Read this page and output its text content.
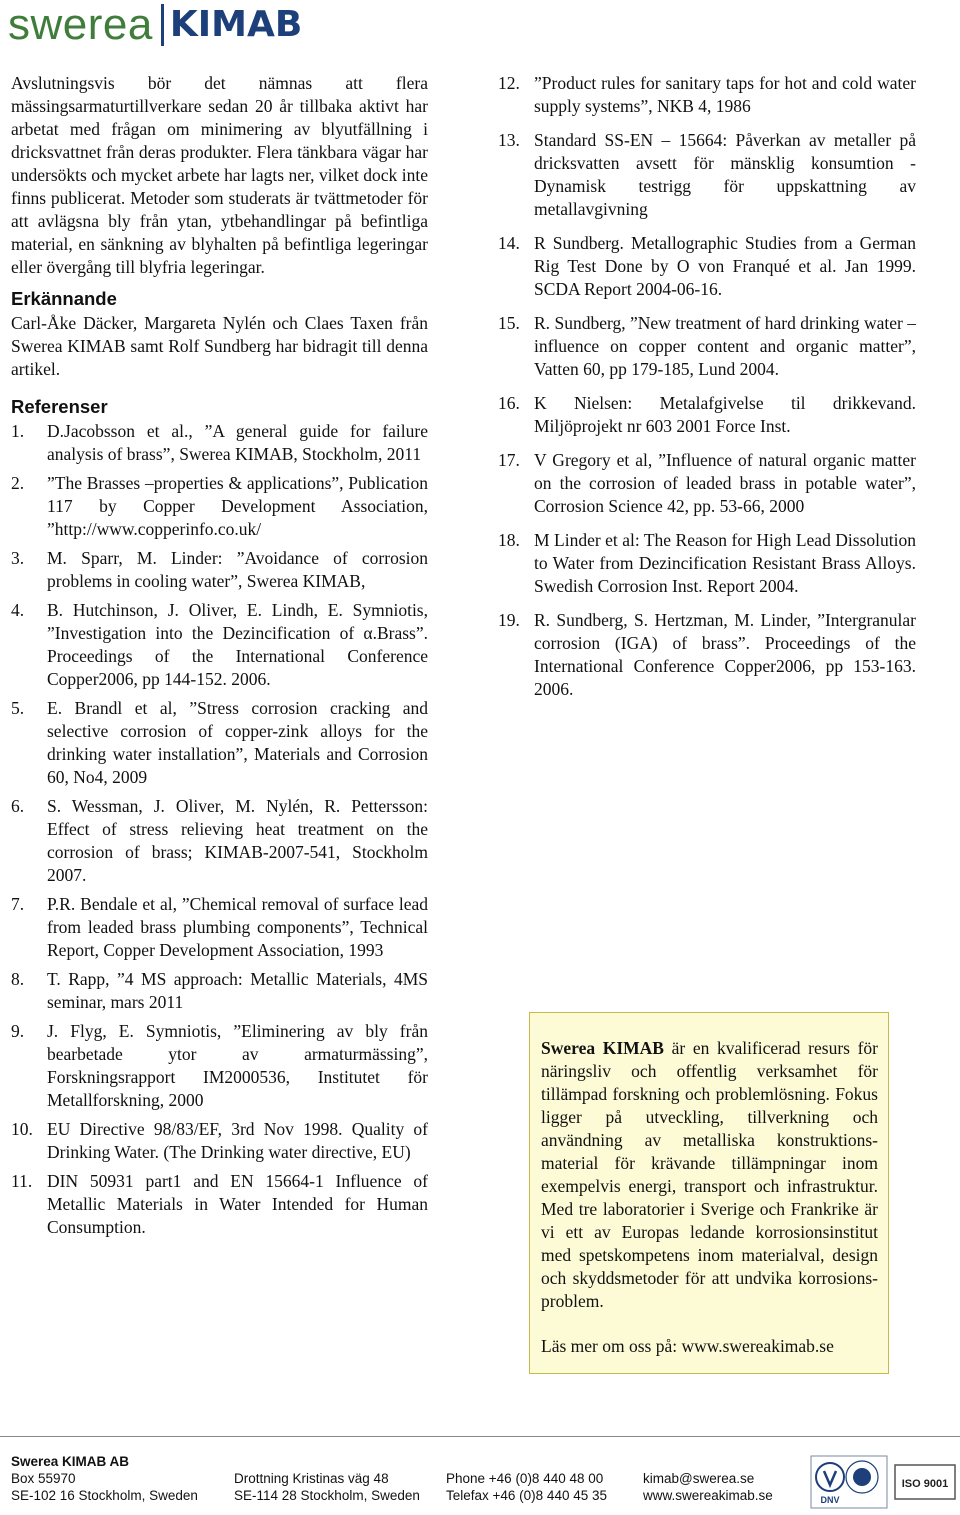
swerea KIMAB

Avslutningsvis bör det nämnas att flera mässingsarmaturtillverkare sedan 20 år tillbaka aktivt har arbetat med frågan om minimering av blyutfällning i dricksvattnet från deras produkter. Flera tänkbara vägar har undersökts och mycket arbete har lagts ner, vilket dock inte finns publicerat. Metoder som studerats är tvättmetoder för att avlägsna bly från ytan, ytbehandlingar på befintliga material, en sänkning av blyhalten på befintliga legeringar eller övergång till blyfria legeringar.

Erkännande

Carl-Åke Däcker, Margareta Nylén och Claes Taxen från Swerea KIMAB samt Rolf Sundberg har bidragit till denna artikel.

Referenser
1. D.Jacobsson et al., ”A general guide for failure analysis of brass”, Swerea KIMAB, Stockholm, 2011
2. ”The Brasses –properties & applications”, Publication 117 by Copper Development Association, ”http://www.copperinfo.co.uk/
3. M. Sparr, M. Linder: ”Avoidance of corrosion problems in cooling water”, Swerea KIMAB,
4. B. Hutchinson, J. Oliver, E. Lindh, E. Symniotis, ”Investigation into the Dezincification of α.Brass”. Proceedings of the International Conference Copper2006, pp 144-152. 2006.
5. E. Brandl et al, ”Stress corrosion cracking and selective corrosion of copper-zink alloys for the drinking water installation”, Materials and Corrosion 60, No4, 2009
6. S. Wessman, J. Oliver, M. Nylén, R. Pettersson: Effect of stress relieving heat treatment on the corrosion of brass; KIMAB-2007-541, Stockholm 2007.
7. P.R. Bendale et al, ”Chemical removal of surface lead from leaded brass plumbing components”, Technical Report, Copper Development Association, 1993
8. T. Rapp, ”4 MS approach: Metallic Materials, 4MS seminar, mars 2011
9. J. Flyg, E. Symniotis, ”Eliminering av bly från bearbetade ytor av armaturmässing”, Forskningsrapport IM2000536, Institutet för Metallforskning, 2000
10. EU Directive 98/83/EF, 3rd Nov 1998. Quality of Drinking Water. (The Drinking water directive, EU)
11. DIN 50931 part1 and EN 15664-1 Influence of Metallic Materials in Water Intended for Human Consumption.
12. ”Product rules for sanitary taps for hot and cold water supply systems”, NKB 4, 1986
13. Standard SS-EN – 15664: Påverkan av metaller på dricksvatten avsett för mänsklig konsumtion - Dynamisk testrigg för uppskattning av metallavgivning
14. R Sundberg. Metallographic Studies from a German Rig Test Done by O von Franqué et al. Jan 1999. SCDA Report 2004-06-16.
15. R. Sundberg, ”New treatment of hard drinking water –influence on copper content and organic matter”, Vatten 60, pp 179-185, Lund 2004.
16. K Nielsen: Metalafgivelse til drikkevand. Miljöprojekt nr 603 2001 Force Inst.
17. V Gregory et al, ”Influence of natural organic matter on the corrosion of leaded brass in potable water”, Corrosion Science 42, pp. 53-66, 2000
18. M Linder et al: The Reason for High Lead Dissolution to Water from Dezincification Resistant Brass Alloys. Swedish Corrosion Inst. Report 2004.
19. R. Sundberg, S. Hertzman, M. Linder, ”Intergranular corrosion (IGA) of brass”. Proceedings of the International Conference Copper2006, pp 153-163. 2006.

Swerea KIMAB är en kvalificerad resurs för näringsliv och offentlig verksamhet för tillämpad forskning och problemlösning. Fokus ligger på utveckling, tillverkning och användning av metalliska konstruktions-material för krävande tillämpningar inom exempelvis energi, transport och infrastruktur. Med tre laboratorier i Sverige och Frankrike är vi ett av Europas ledande korrosionsinstitut med spetskompetens inom materialval, design och skyddsmetoder för att undvika korrosions-problem.

Läs mer om oss på: www.swereakimab.se

Swerea KIMAB AB
Box 55970
SE-102 16 Stockholm, Sweden
Drottning Kristinas väg 48
SE-114 28 Stockholm, Sweden
Phone +46 (0)8 440 48 00
Telefax +46 (0)8 440 45 35
kimab@swerea.se
www.swereakimab.se	DNV
ISO 9001
